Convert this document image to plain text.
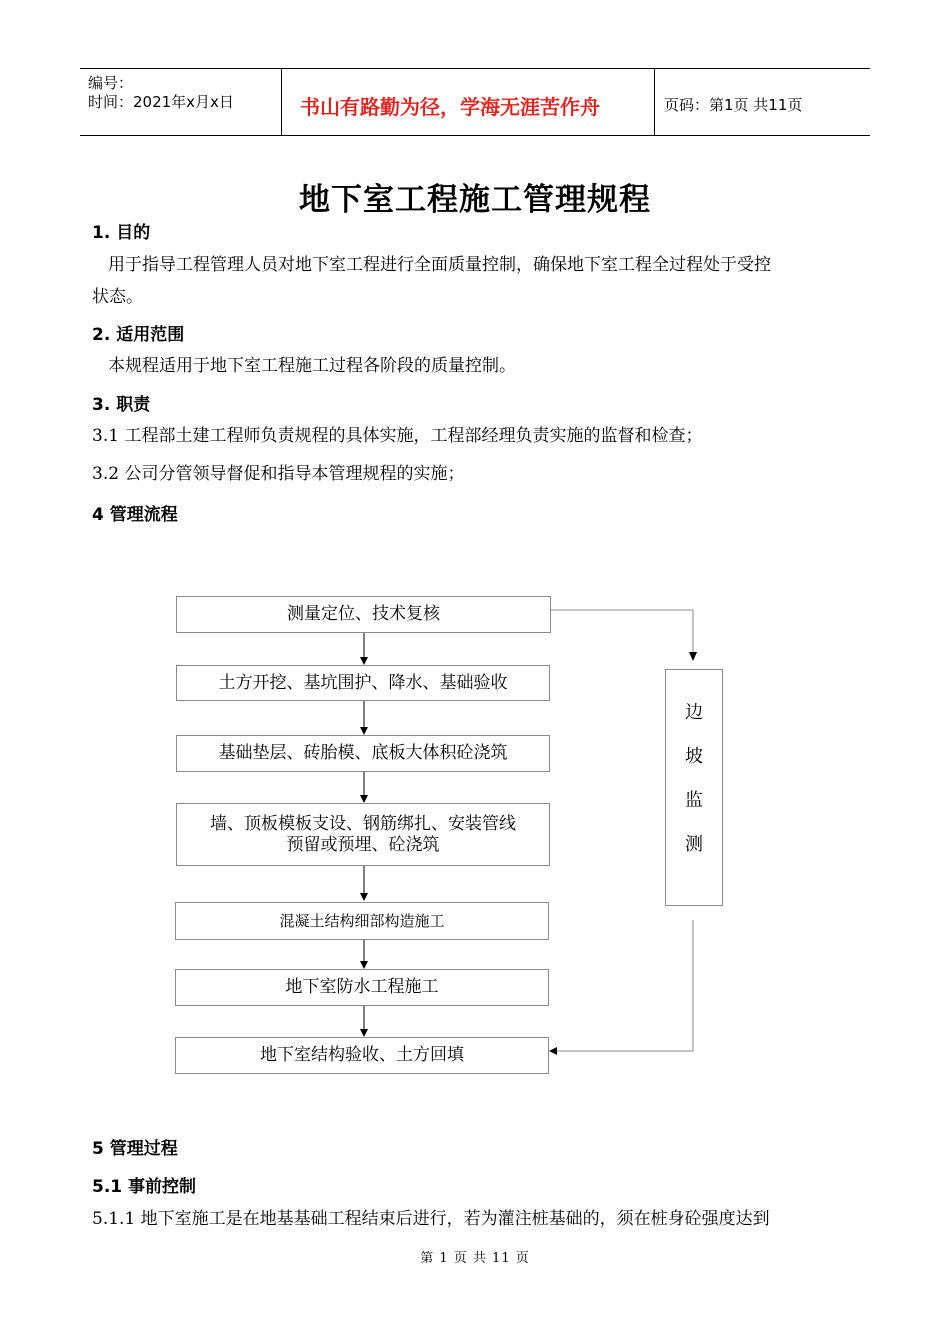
编号：
时间：2021年x月x日	书山有路勤为径，学海无涯苦作舟	页码：第1页 共11页
地下室工程施工管理规程
1. 目的
用于指导工程管理人员对地下室工程进行全面质量控制，确保地下室工程全过程处于受控
状态。
2. 适用范围
本规程适用于地下室工程施工过程各阶段的质量控制。
3. 职责
3.1 工程部土建工程师负责规程的具体实施，工程部经理负责实施的监督和检查；
3.2 公司分管领导督促和指导本管理规程的实施；
4 管理流程
测量定位、技术复核
土方开挖、基坑围护、降水、基础验收
基础垫层、砖胎模、底板大体积砼浇筑
墙、顶板模板支设、钢筋绑扎、安装管线
预留或预埋、砼浇筑
混凝土结构细部构造施工
地下室防水工程施工
地下室结构验收、土方回填
边
坡
监
测
5 管理过程
5.1 事前控制
5.1.1 地下室施工是在地基基础工程结束后进行，若为灌注桩基础的，须在桩身砼强度达到
第 1 页 共 11 页
